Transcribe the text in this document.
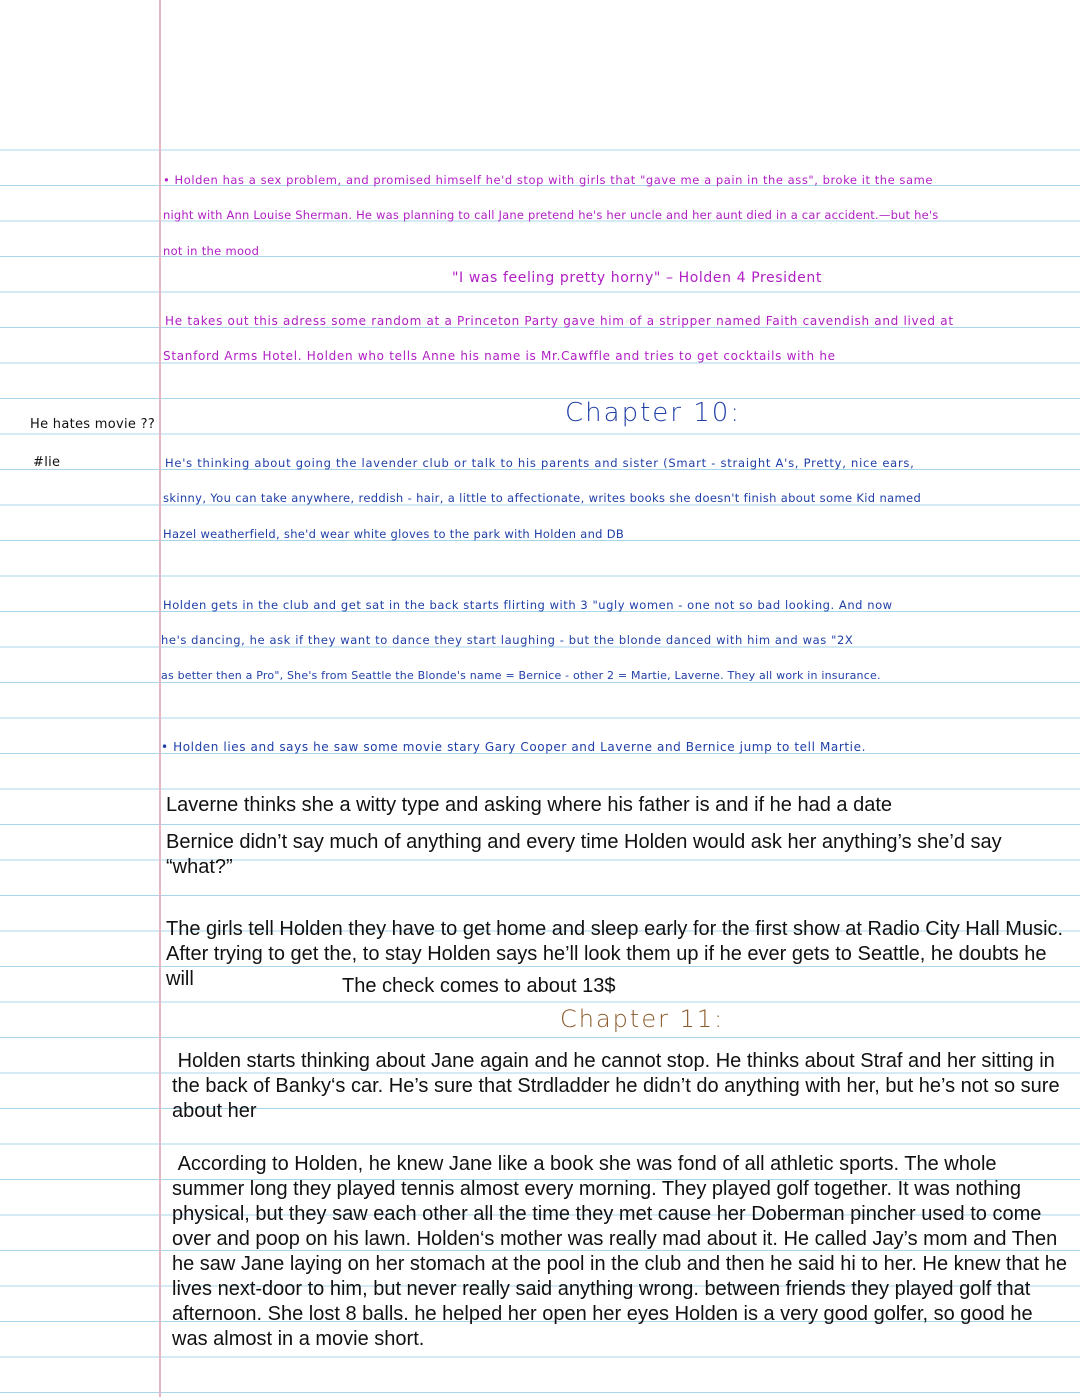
He hates movie ??
#lie
• Holden has a sex problem, and promised himself he'd stop with girls that "gave me a pain in the ass", broke it the same
night with Ann Louise Sherman. He was planning to call Jane pretend he's her uncle and her aunt died in a car accident.—but he's
not in the mood
"I was feeling pretty horny" – Holden 4 President
He takes out this adress some random at a Princeton Party gave him of a stripper named Faith cavendish and lived at
Stanford Arms Hotel. Holden who tells Anne his name is Mr.Cawffle and tries to get cocktails with he
Chapter 10:
He's thinking about going the lavender club or talk to his parents and sister (Smart - straight A's, Pretty, nice ears,
skinny, You can take anywhere, reddish - hair, a little to affectionate, writes books she doesn't finish about some Kid named
Hazel weatherfield, she'd wear white gloves to the park with Holden and DB
Holden gets in the club and get sat in the back starts flirting with 3 "ugly women - one not so bad looking. And now
he's dancing, he ask if they want to dance they start laughing - but the blonde danced with him and was "2X
as better then a Pro", She's from Seattle the Blonde's name = Bernice - other 2 = Martie, Laverne. They all work in insurance.
• Holden lies and says he saw some movie stary Gary Cooper and Laverne and Bernice jump to tell Martie.
Laverne thinks she a witty type and asking where his father is and if he had a date
Bernice didn’t say much of anything and every time Holden would ask her anything’s she’d say “what?”
The girls tell Holden they have to get home and sleep early for the first show at Radio City Hall Music. After trying to get the, to stay Holden says he’ll look them up if he ever gets to Seattle, he doubts he will	The check comes to about 13$
Chapter 11:
Holden starts thinking about Jane again and he cannot stop. He thinks about Straf and her sitting in the back of Banky‘s car. He’s sure that Strdladder he didn’t do anything with her, but he’s not so sure about her
According to Holden, he knew Jane like a book she was fond of all athletic sports. The whole summer long they played tennis almost every morning. They played golf together. It was nothing physical, but they saw each other all the time they met cause her Doberman pincher used to come over and poop on his lawn. Holden‘s mother was really mad about it. He called Jay’s mom and Then he saw Jane laying on her stomach at the pool in the club and then he said hi to her. He knew that he lives next-door to him, but never really said anything wrong. between friends they played golf that afternoon. She lost 8 balls. he helped her open her eyes Holden is a very good golfer, so good he was almost in a movie short.
